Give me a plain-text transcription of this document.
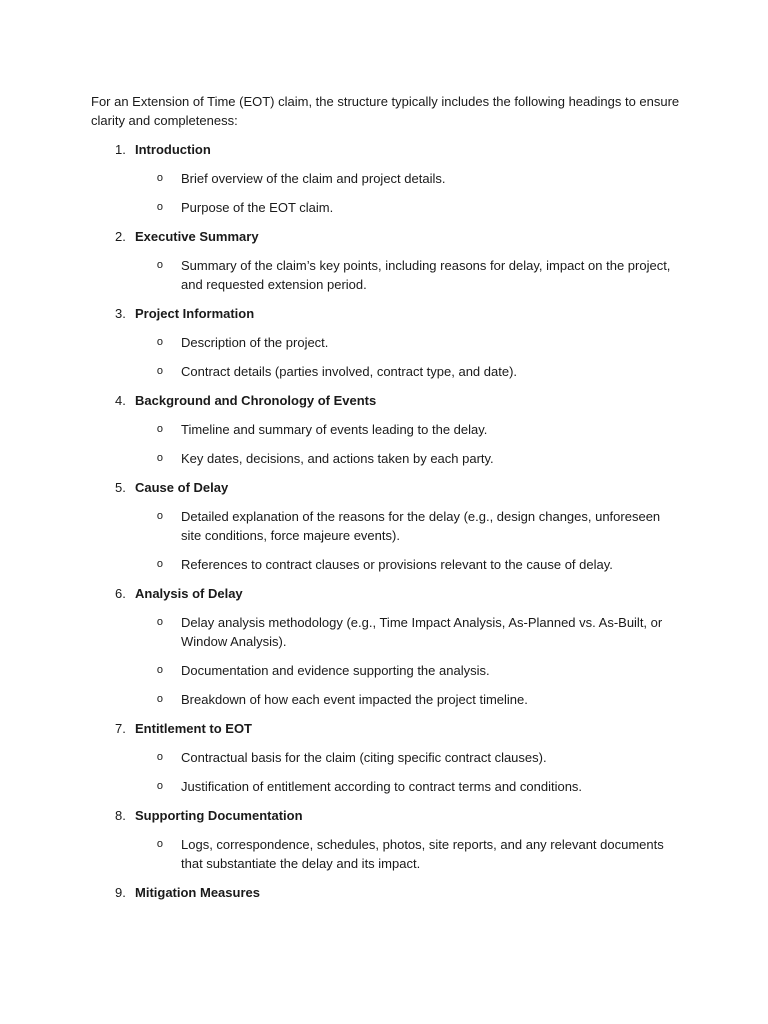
For an Extension of Time (EOT) claim, the structure typically includes the following headings to ensure clarity and completeness:

1. Introduction
o	Brief overview of the claim and project details.
o	Purpose of the EOT claim.
2. Executive Summary
o	Summary of the claim’s key points, including reasons for delay, impact on the project, and requested extension period.
3. Project Information
o	Description of the project.
o	Contract details (parties involved, contract type, and date).
4. Background and Chronology of Events
o	Timeline and summary of events leading to the delay.
o	Key dates, decisions, and actions taken by each party.
5. Cause of Delay
o	Detailed explanation of the reasons for the delay (e.g., design changes, unforeseen site conditions, force majeure events).
o	References to contract clauses or provisions relevant to the cause of delay.
6. Analysis of Delay
o	Delay analysis methodology (e.g., Time Impact Analysis, As-Planned vs. As-Built, or Window Analysis).
o	Documentation and evidence supporting the analysis.
o	Breakdown of how each event impacted the project timeline.
7. Entitlement to EOT
o	Contractual basis for the claim (citing specific contract clauses).
o	Justification of entitlement according to contract terms and conditions.
8. Supporting Documentation
o	Logs, correspondence, schedules, photos, site reports, and any relevant documents that substantiate the delay and its impact.
9. Mitigation Measures
